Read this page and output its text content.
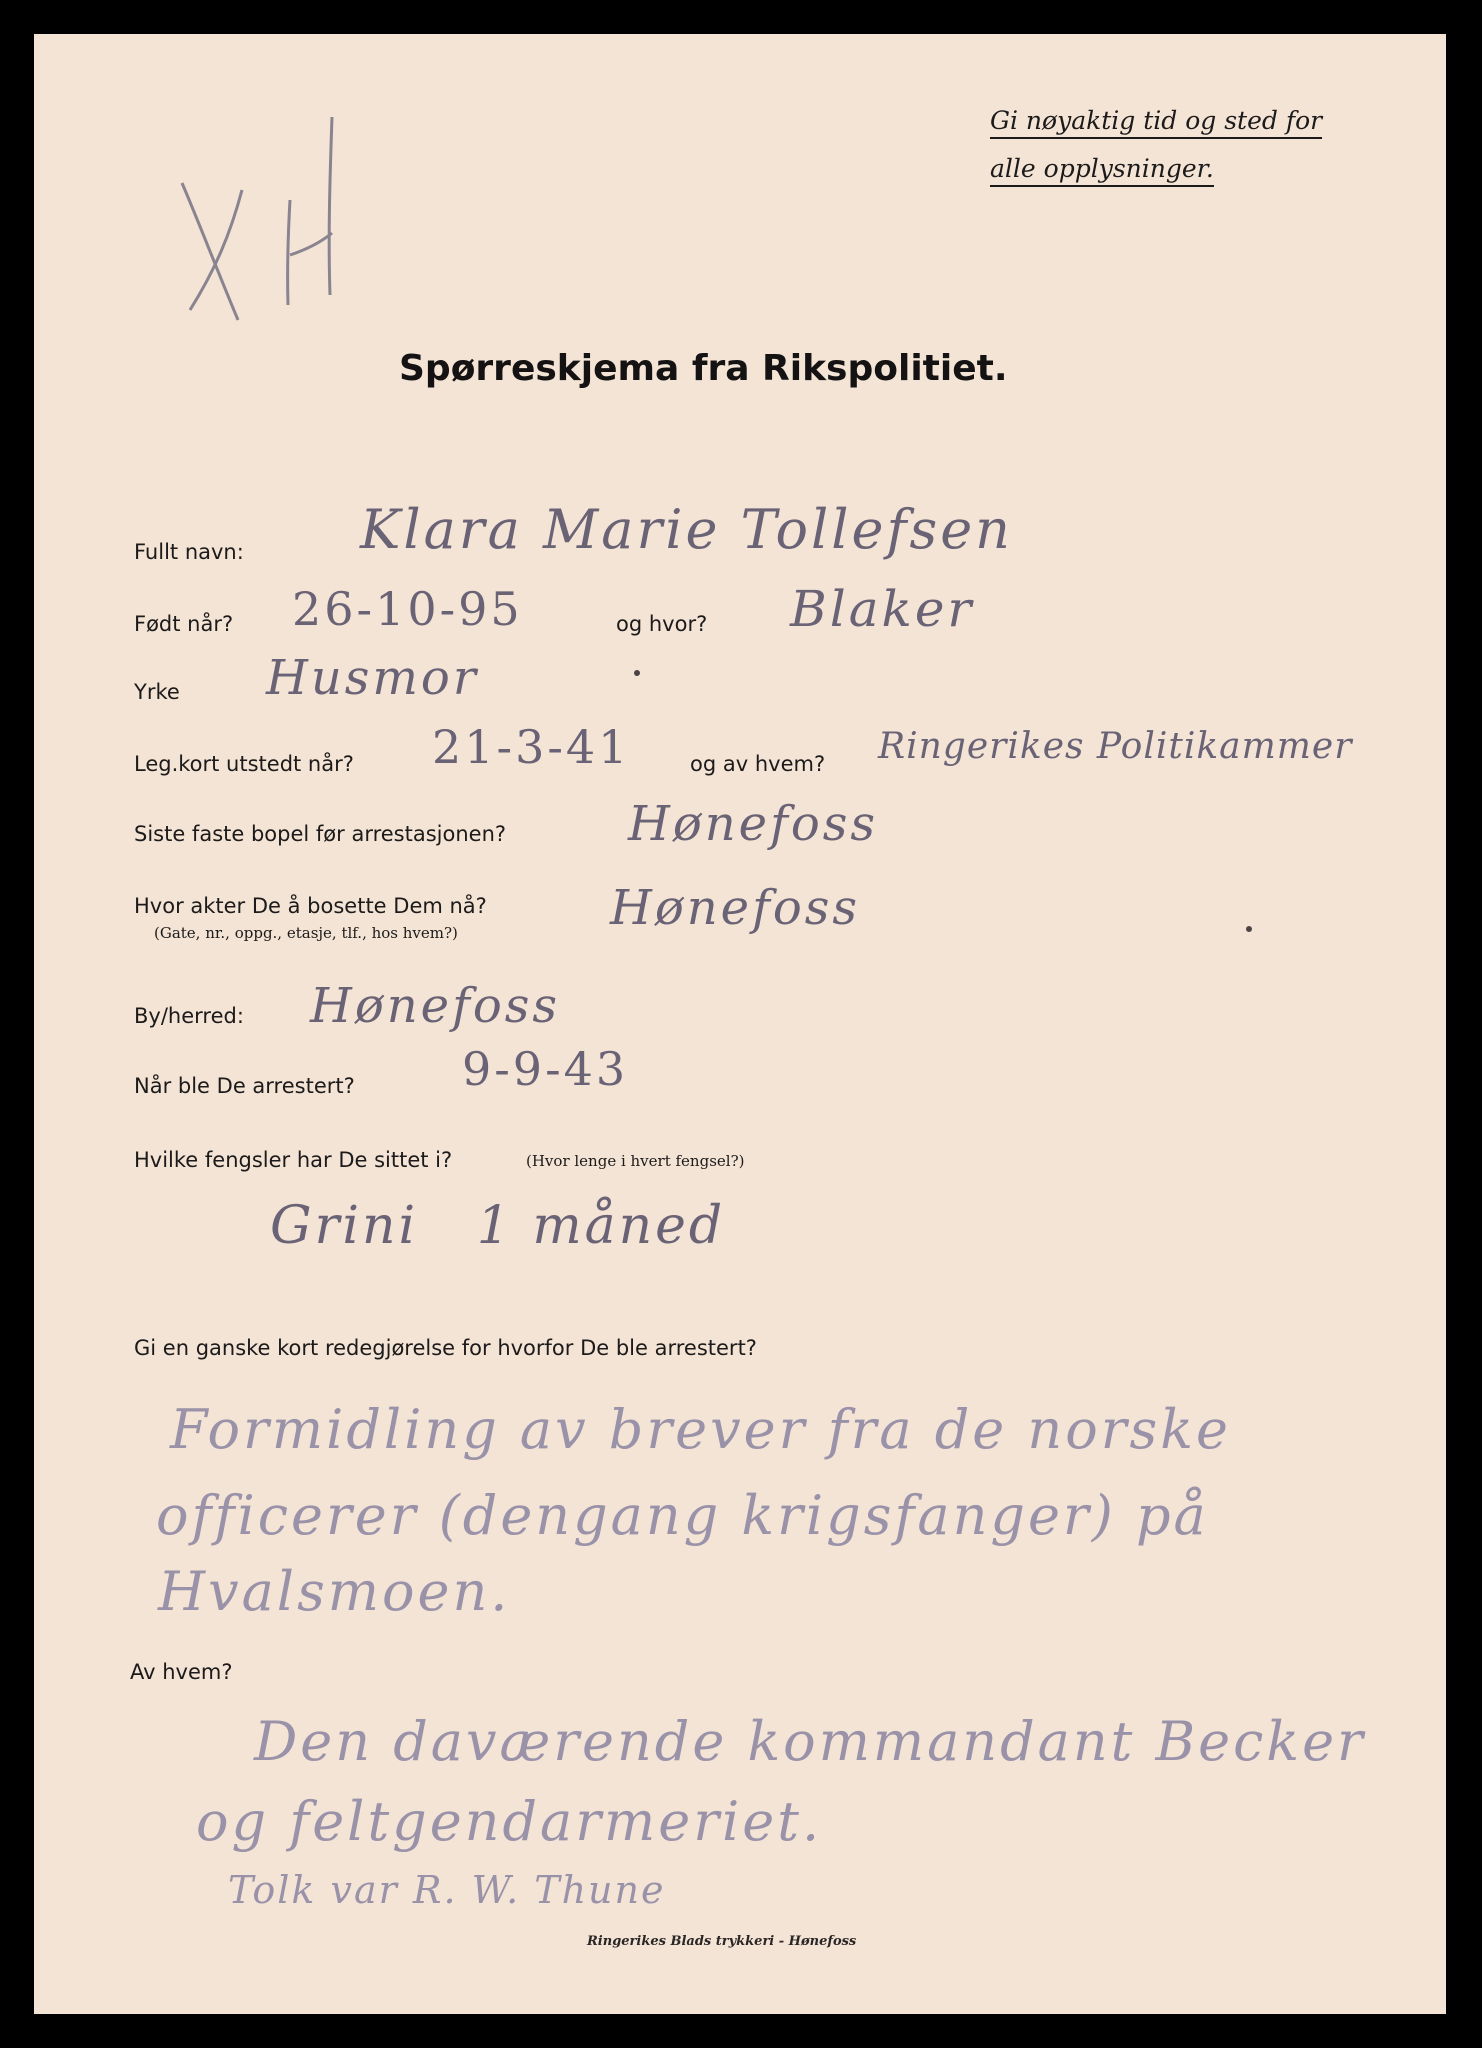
Gi nøyaktig tid og sted for
alle opplysninger.
Spørreskjema fra Rikspolitiet.
Fullt navn: Klara Marie Tollefsen
Født når? 26-10-95	og hvor? Blaker
Yrke Husmor
Leg.kort utstedt når? 21-3-41	og av hvem? Ringerikes Politikammer
Siste faste bopel før arrestasjonen?	Hønefoss
Hvor akter De å bosette Dem nå?
(Gate, nr., oppg., etasje, tlf., hos hvem?)	Hønefoss
By/herred: Hønefoss
Når ble De arrestert? 9-9-43
Hvilke fengsler har De sittet i?	(Hvor lenge i hvert fengsel?)
Grini   1 måned
Gi en ganske kort redegjørelse for hvorfor De ble arrestert?
Formidling av brever fra de norske
officerer (dengang krigsfanger) på
Hvalsmoen.
Av hvem?
Den daværende kommandant Becker
og feltgendarmeriet.
Tolk var R. W. Thune
Ringerikes Blads trykkeri - Hønefoss
